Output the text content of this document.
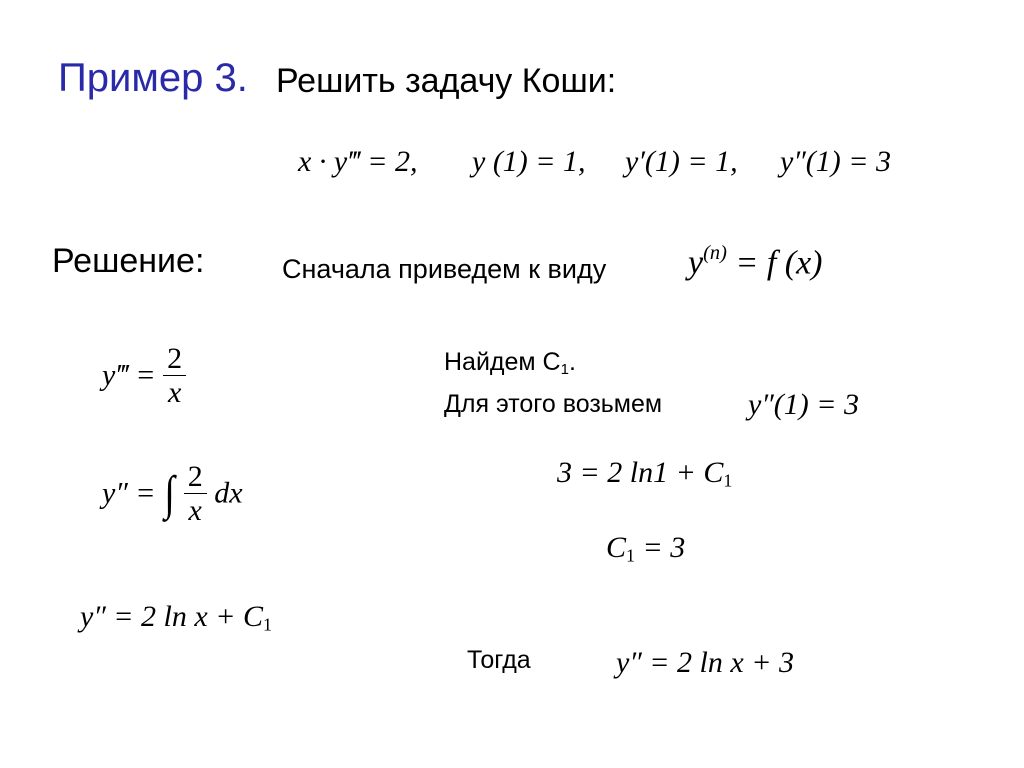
Пример 3. Решить задачу Коши:
x · y‴ = 2, y (1) = 1, y′(1) = 1, y″(1) = 3
Решение:	Сначала приведем к виду $y^{(n)} = f$ (x)
y‴ = $\frac{2}{x}$
y″ = ∫ $\frac{2}{x}$ dx
y″ = 2 $\ln x + C_1$
Найдем $С_1$.
Для этого возьмем	y″(1) = 3
3 = 2 $\ln 1 + C_1$
$C_1 = 3$
Тогда	y″ = 2 ln x + 3
